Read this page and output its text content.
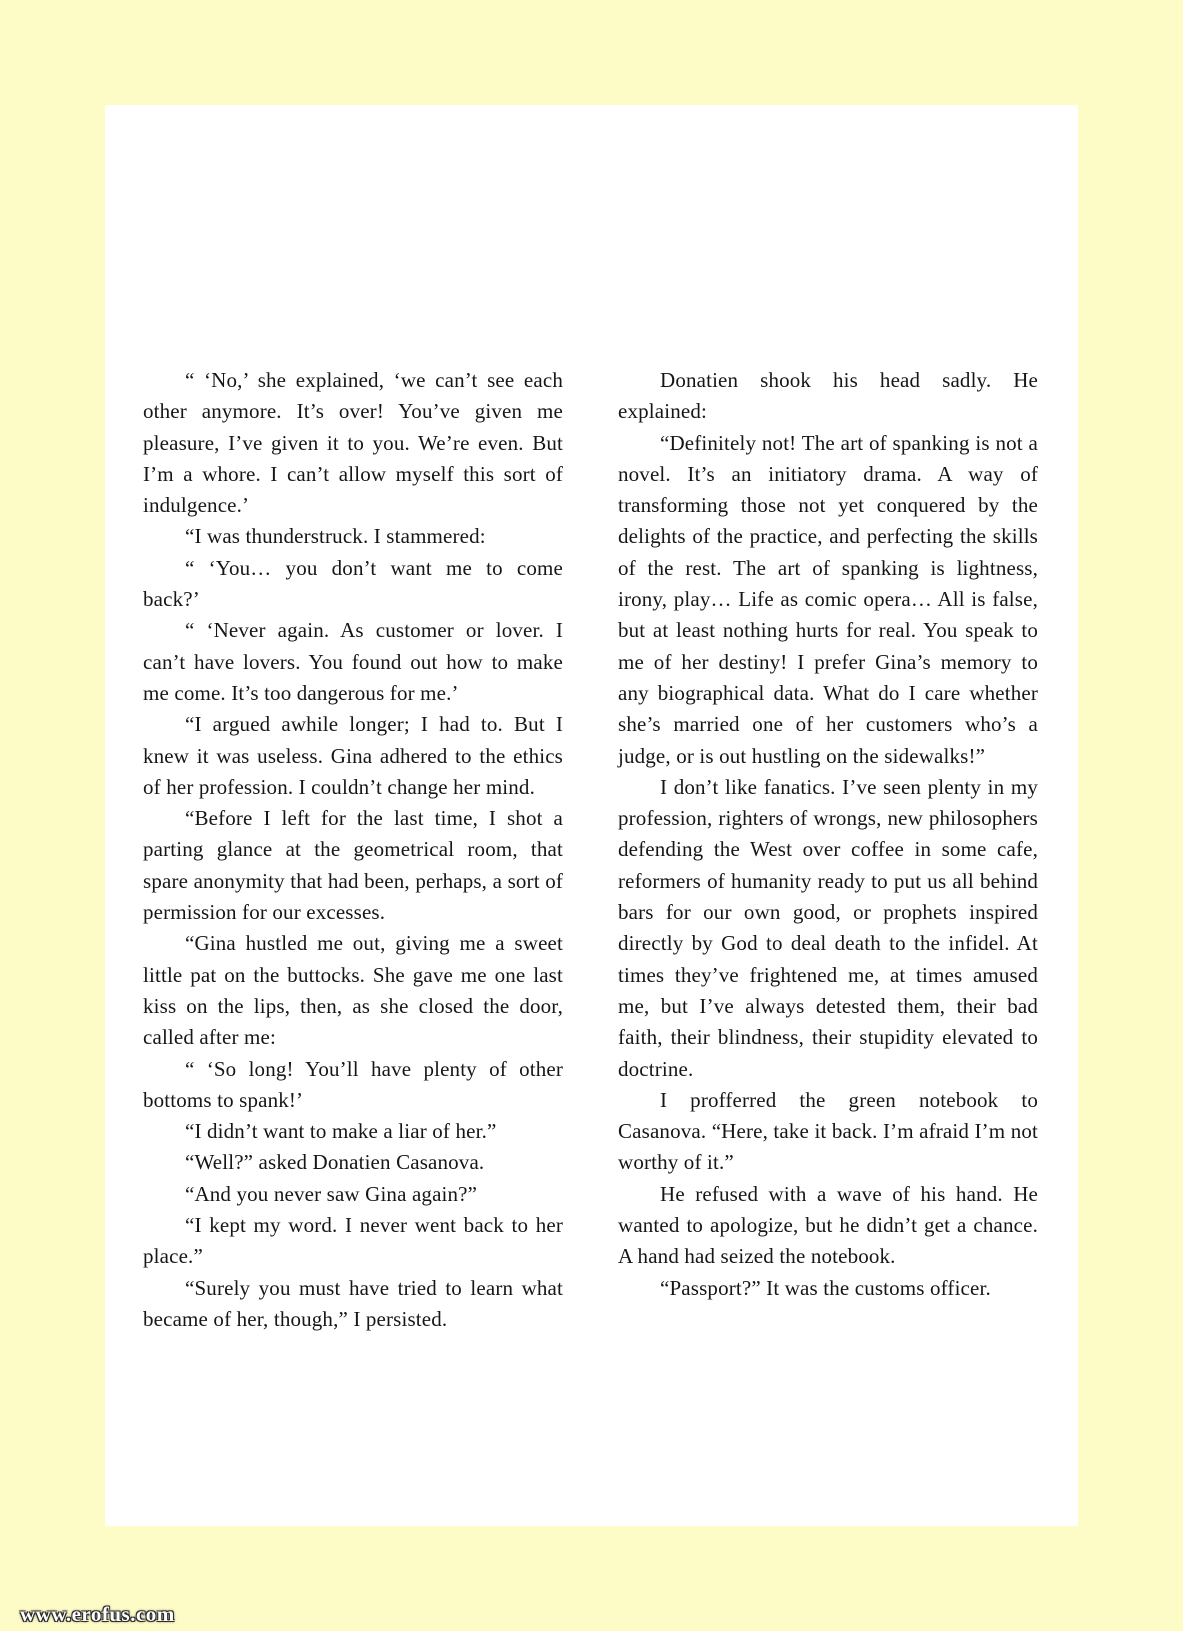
“ ‘No,’ she explained, ‘we can’t see each other anymore. It’s over! You’ve given me pleasure, I’ve given it to you. We’re even. But I’m a whore. I can’t allow myself this sort of indulgence.’

“I was thunderstruck. I stammered:

“ ‘You… you don’t want me to come back?’

“ ‘Never again. As customer or lover. I can’t have lovers. You found out how to make me come. It’s too dangerous for me.’

“I argued awhile longer; I had to. But I knew it was useless. Gina adhered to the ethics of her profession. I couldn’t change her mind.

“Before I left for the last time, I shot a parting glance at the geometrical room, that spare anonymity that had been, perhaps, a sort of permission for our excesses.

“Gina hustled me out, giving me a sweet little pat on the buttocks. She gave me one last kiss on the lips, then, as she closed the door, called after me:

“ ‘So long! You’ll have plenty of other bottoms to spank!’

“I didn’t want to make a liar of her.”

“Well?” asked Donatien Casanova.

“And you never saw Gina again?”

“I kept my word. I never went back to her place.”

“Surely you must have tried to learn what became of her, though,” I persisted.

Donatien shook his head sadly. He explained:

“Definitely not! The art of spanking is not a novel. It’s an initiatory drama. A way of transforming those not yet conquered by the delights of the practice, and perfecting the skills of the rest. The art of spanking is lightness, irony, play… Life as comic opera… All is false, but at least nothing hurts for real. You speak to me of her destiny! I prefer Gina’s memory to any biographical data. What do I care whether she’s married one of her customers who’s a judge, or is out hustling on the sidewalks!”

I don’t like fanatics. I’ve seen plenty in my profession, righters of wrongs, new philosophers defending the West over coffee in some cafe, reformers of humanity ready to put us all behind bars for our own good, or prophets inspired directly by God to deal death to the infidel. At times they’ve frightened me, at times amused me, but I’ve always detested them, their bad faith, their blindness, their stupidity elevated to doctrine.

I profferred the green notebook to Casanova. “Here, take it back. I’m afraid I’m not worthy of it.”

He refused with a wave of his hand. He wanted to apologize, but he didn’t get a chance. A hand had seized the notebook.

“Passport?” It was the customs officer.

www.erofus.com
